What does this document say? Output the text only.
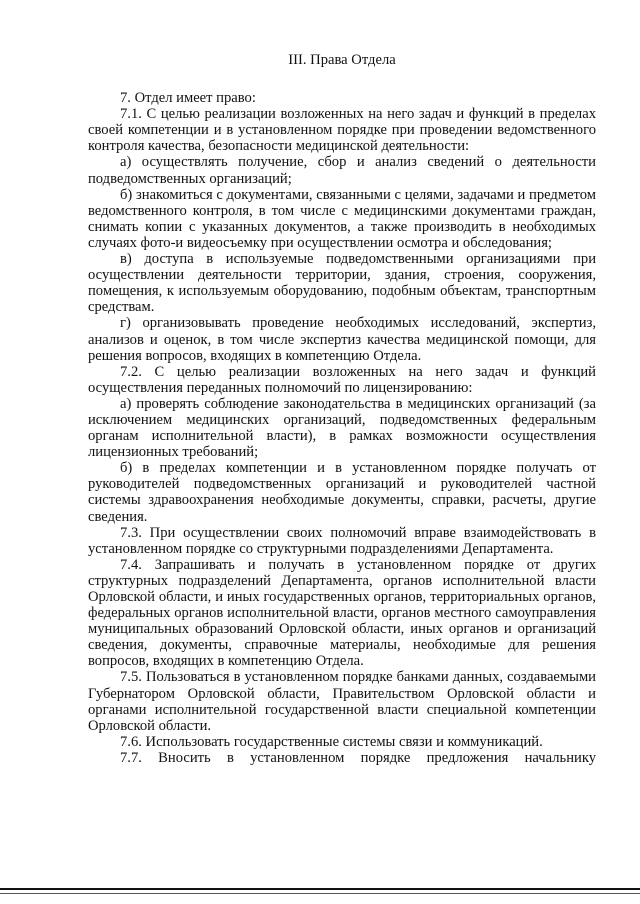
III. Права Отдела

7. Отдел имеет право:

7.1. С целью реализации возложенных на него задач и функций в пределах своей компетенции и в установленном порядке при проведении ведомственного контроля качества, безопасности медицинской деятельности:

а) осуществлять получение, сбор и анализ сведений о деятельности подведомственных организаций;

б) знакомиться с документами, связанными с целями, задачами и предметом ведомственного контроля, в том числе с медицинскими документами граждан, снимать копии с указанных документов, а также производить в необходимых случаях фото-и видеосъемку при осуществлении осмотра и обследования;

в) доступа в используемые подведомственными организациями при осуществлении деятельности территории, здания, строения, сооружения, помещения, к используемым оборудованию, подобным объектам, транспортным средствам.

г) организовывать проведение необходимых исследований, экспертиз, анализов и оценок, в том числе экспертиз качества медицинской помощи, для решения вопросов, входящих в компетенцию Отдела.

7.2. С целью реализации возложенных на него задач и функций осуществления переданных полномочий по лицензированию:

а) проверять соблюдение законодательства в медицинских организаций (за исключением медицинских организаций, подведомственных федеральным органам исполнительной власти), в рамках возможности осуществления лицензионных требований;

б) в пределах компетенции и в установленном порядке получать от руководителей подведомственных организаций и руководителей частной системы здравоохранения необходимые документы, справки, расчеты, другие сведения.

7.3. При осуществлении своих полномочий вправе взаимодействовать в установленном порядке со структурными подразделениями Департамента.

7.4. Запрашивать и получать в установленном порядке от других структурных подразделений Департамента, органов исполнительной власти Орловской области, и иных государственных органов, территориальных органов, федеральных органов исполнительной власти, органов местного самоуправления муниципальных образований Орловской области, иных органов и организаций сведения, документы, справочные материалы, необходимые для решения вопросов, входящих в компетенцию Отдела.

7.5. Пользоваться в установленном порядке банками данных, создаваемыми Губернатором Орловской области, Правительством Орловской области и органами исполнительной государственной власти специальной компетенции Орловской области.

7.6. Использовать государственные системы связи и коммуникаций.

7.7. Вносить в установленном порядке предложения начальнику
